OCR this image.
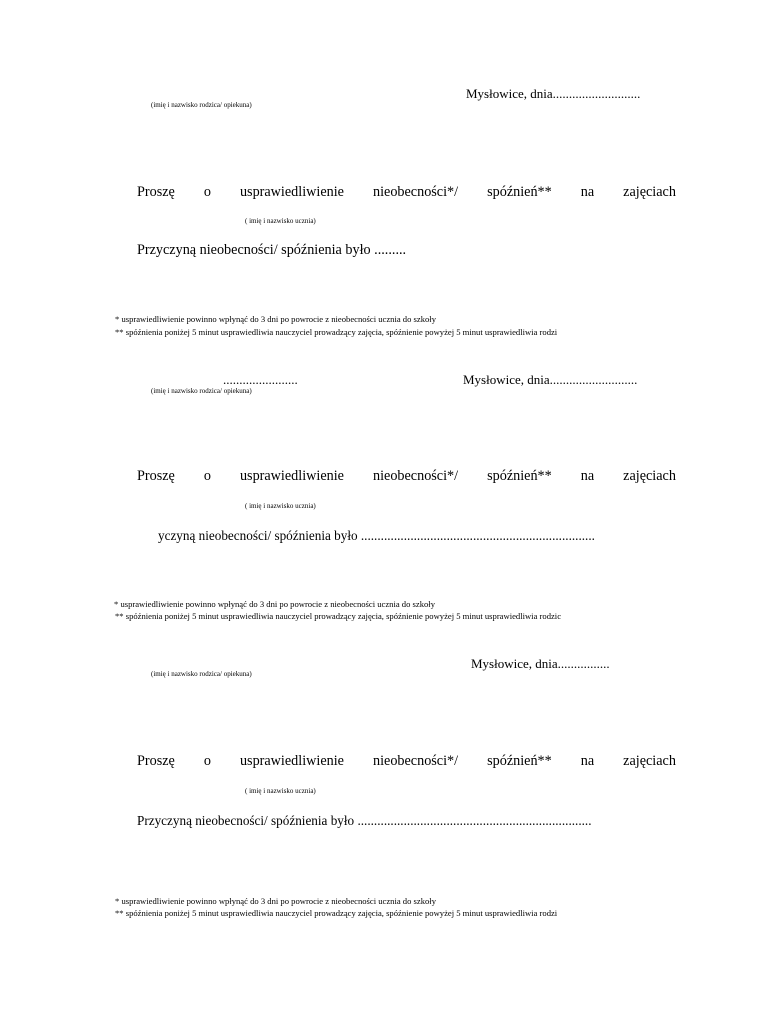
Mysłowice, dnia...........................
(imię i nazwisko rodzica/ opiekuna)
Proszę o usprawiedliwienie nieobecności*/ spóźnień** na zajęciach
( imię i nazwisko ucznia)
Przyczyną nieobecności/ spóźnienia było .........
* usprawiedliwienie powinno wpłynąć do 3 dni po powrocie z nieobecności ucznia do szkoły
** spóźnienia poniżej 5 minut usprawiedliwia nauczyciel prowadzący zajęcia, spóźnienie powyżej 5 minut usprawiedliwia rodzi
.......................	Mysłowice, dnia...........................
(imię i nazwisko rodzica/ opiekuna)
Proszę o usprawiedliwienie nieobecności*/ spóźnień** na zajęciach
( imię i nazwisko ucznia)
yczyną nieobecności/ spóźnienia było .......................................................................
* usprawiedliwienie powinno wpłynąć do 3 dni po powrocie z nieobecności ucznia do szkoły
** spóźnienia poniżej 5 minut usprawiedliwia nauczyciel prowadzący zajęcia, spóźnienie powyżej 5 minut usprawiedliwia rodzic
Mysłowice, dnia................
(imię i nazwisko rodzica/ opiekuna)
Proszę o usprawiedliwienie nieobecności*/ spóźnień** na zajęciach
( imię i nazwisko ucznia)
Przyczyną nieobecności/ spóźnienia było .......................................................................
* usprawiedliwienie powinno wpłynąć do 3 dni po powrocie z nieobecności ucznia do szkoły
** spóźnienia poniżej 5 minut usprawiedliwia nauczyciel prowadzący zajęcia, spóźnienie powyżej 5 minut usprawiedliwia rodzi
